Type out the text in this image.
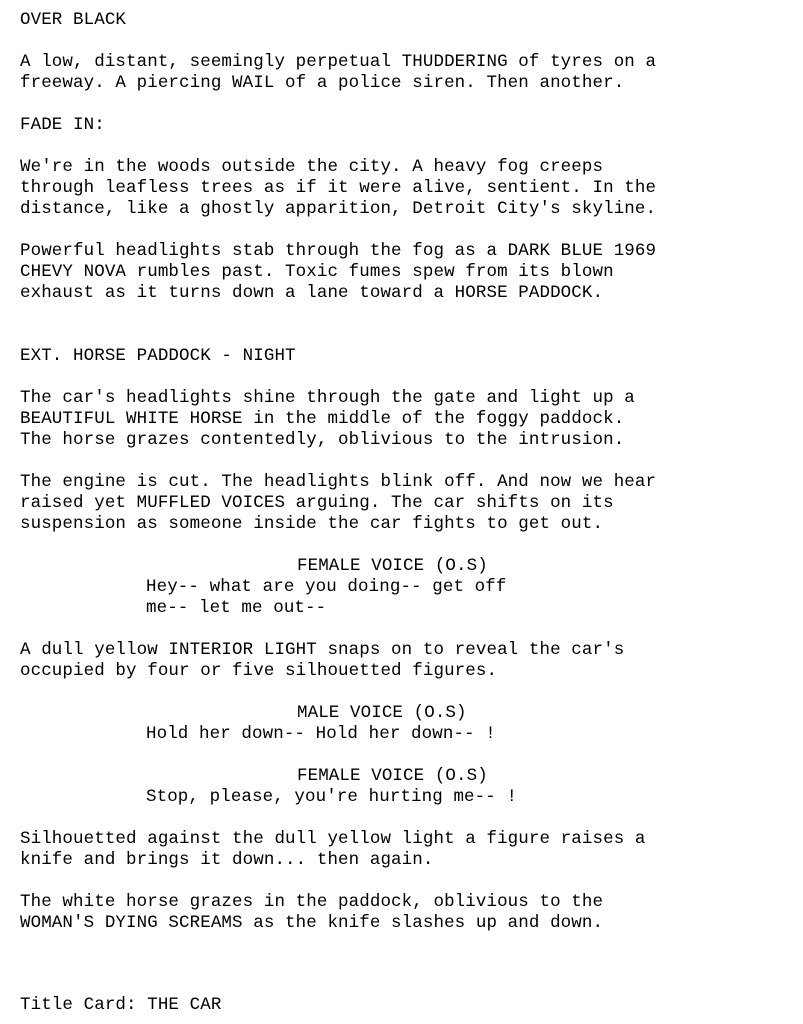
OVER BLACK
A low, distant, seemingly perpetual THUDDERING of tyres on a
freeway. A piercing WAIL of a police siren. Then another.
FADE IN:
We're in the woods outside the city. A heavy fog creeps
through leafless trees as if it were alive, sentient. In the
distance, like a ghostly apparition, Detroit City's skyline.
Powerful headlights stab through the fog as a DARK BLUE 1969
CHEVY NOVA rumbles past. Toxic fumes spew from its blown
exhaust as it turns down a lane toward a HORSE PADDOCK.
EXT. HORSE PADDOCK - NIGHT
The car's headlights shine through the gate and light up a
BEAUTIFUL WHITE HORSE in the middle of the foggy paddock.
The horse grazes contentedly, oblivious to the intrusion.
The engine is cut. The headlights blink off. And now we hear
raised yet MUFFLED VOICES arguing. The car shifts on its
suspension as someone inside the car fights to get out.
FEMALE VOICE (O.S)
Hey-- what are you doing-- get off
me-- let me out--
A dull yellow INTERIOR LIGHT snaps on to reveal the car's
occupied by four or five silhouetted figures.
MALE VOICE (O.S)
Hold her down-- Hold her down-- !
FEMALE VOICE (O.S)
Stop, please, you're hurting me-- !
Silhouetted against the dull yellow light a figure raises a
knife and brings it down... then again.
The white horse grazes in the paddock, oblivious to the
WOMAN'S DYING SCREAMS as the knife slashes up and down.
Title Card: THE CAR
